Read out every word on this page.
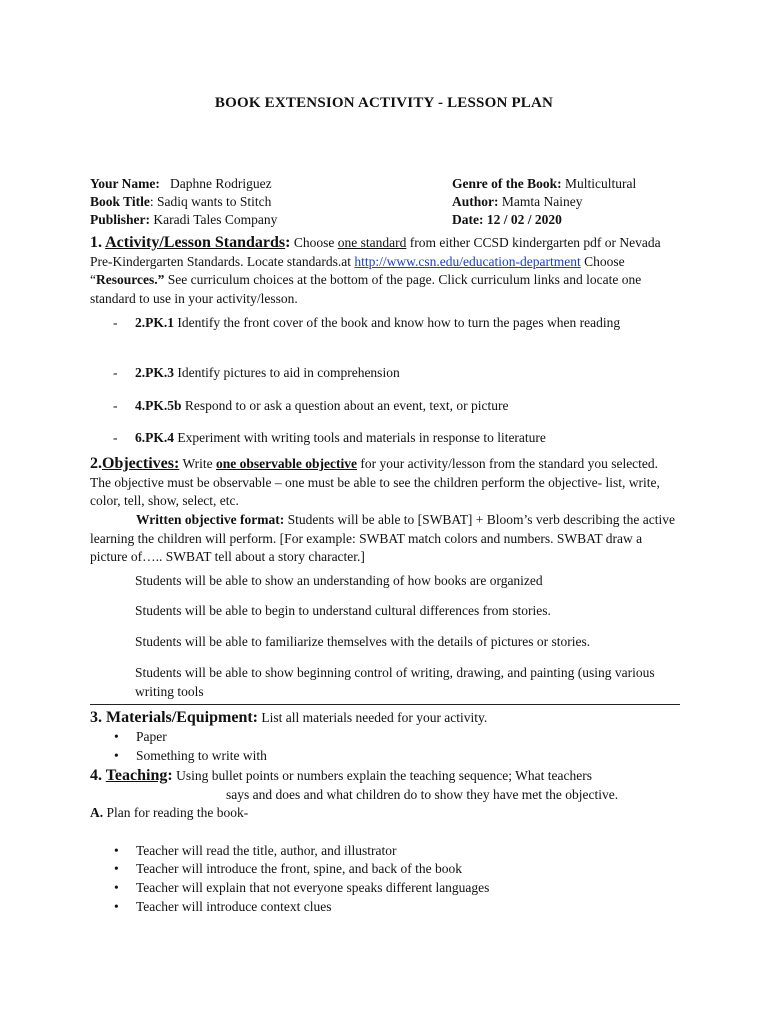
BOOK EXTENSION ACTIVITY - LESSON PLAN
Your Name: Daphne Rodriguez
Book Title: Sadiq wants to Stitch
Publisher: Karadi Tales Company
Genre of the Book: Multicultural
Author: Mamta Nainey
Date: 12 / 02 / 2020
1. Activity/Lesson Standards: Choose one standard from either CCSD kindergarten pdf or Nevada Pre-Kindergarten Standards. Locate standards.at http://www.csn.edu/education-department Choose “Resources.” See curriculum choices at the bottom of the page. Click curriculum links and locate one standard to use in your activity/lesson.
- 2.PK.1 Identify the front cover of the book and know how to turn the pages when reading
- 2.PK.3 Identify pictures to aid in comprehension
- 4.PK.5b Respond to or ask a question about an event, text, or picture
- 6.PK.4 Experiment with writing tools and materials in response to literature
2.Objectives: Write one observable objective for your activity/lesson from the standard you selected. The objective must be observable – one must be able to see the children perform the objective- list, write, color, tell, show, select, etc.
Written objective format: Students will be able to [SWBAT] + Bloom’s verb describing the active learning the children will perform. [For example: SWBAT match colors and numbers. SWBAT draw a picture of….. SWBAT tell about a story character.]
Students will be able to show an understanding of how books are organized
Students will be able to begin to understand cultural differences from stories.
Students will be able to familiarize themselves with the details of pictures or stories.
Students will be able to show beginning control of writing, drawing, and painting (using various writing tools
3. Materials/Equipment: List all materials needed for your activity.
• Paper
• Something to write with
4. Teaching: Using bullet points or numbers explain the teaching sequence; What teachers
says and does and what children do to show they have met the objective.
A. Plan for reading the book-
• Teacher will read the title, author, and illustrator
• Teacher will introduce the front, spine, and back of the book
• Teacher will explain that not everyone speaks different languages
• Teacher will introduce context clues
